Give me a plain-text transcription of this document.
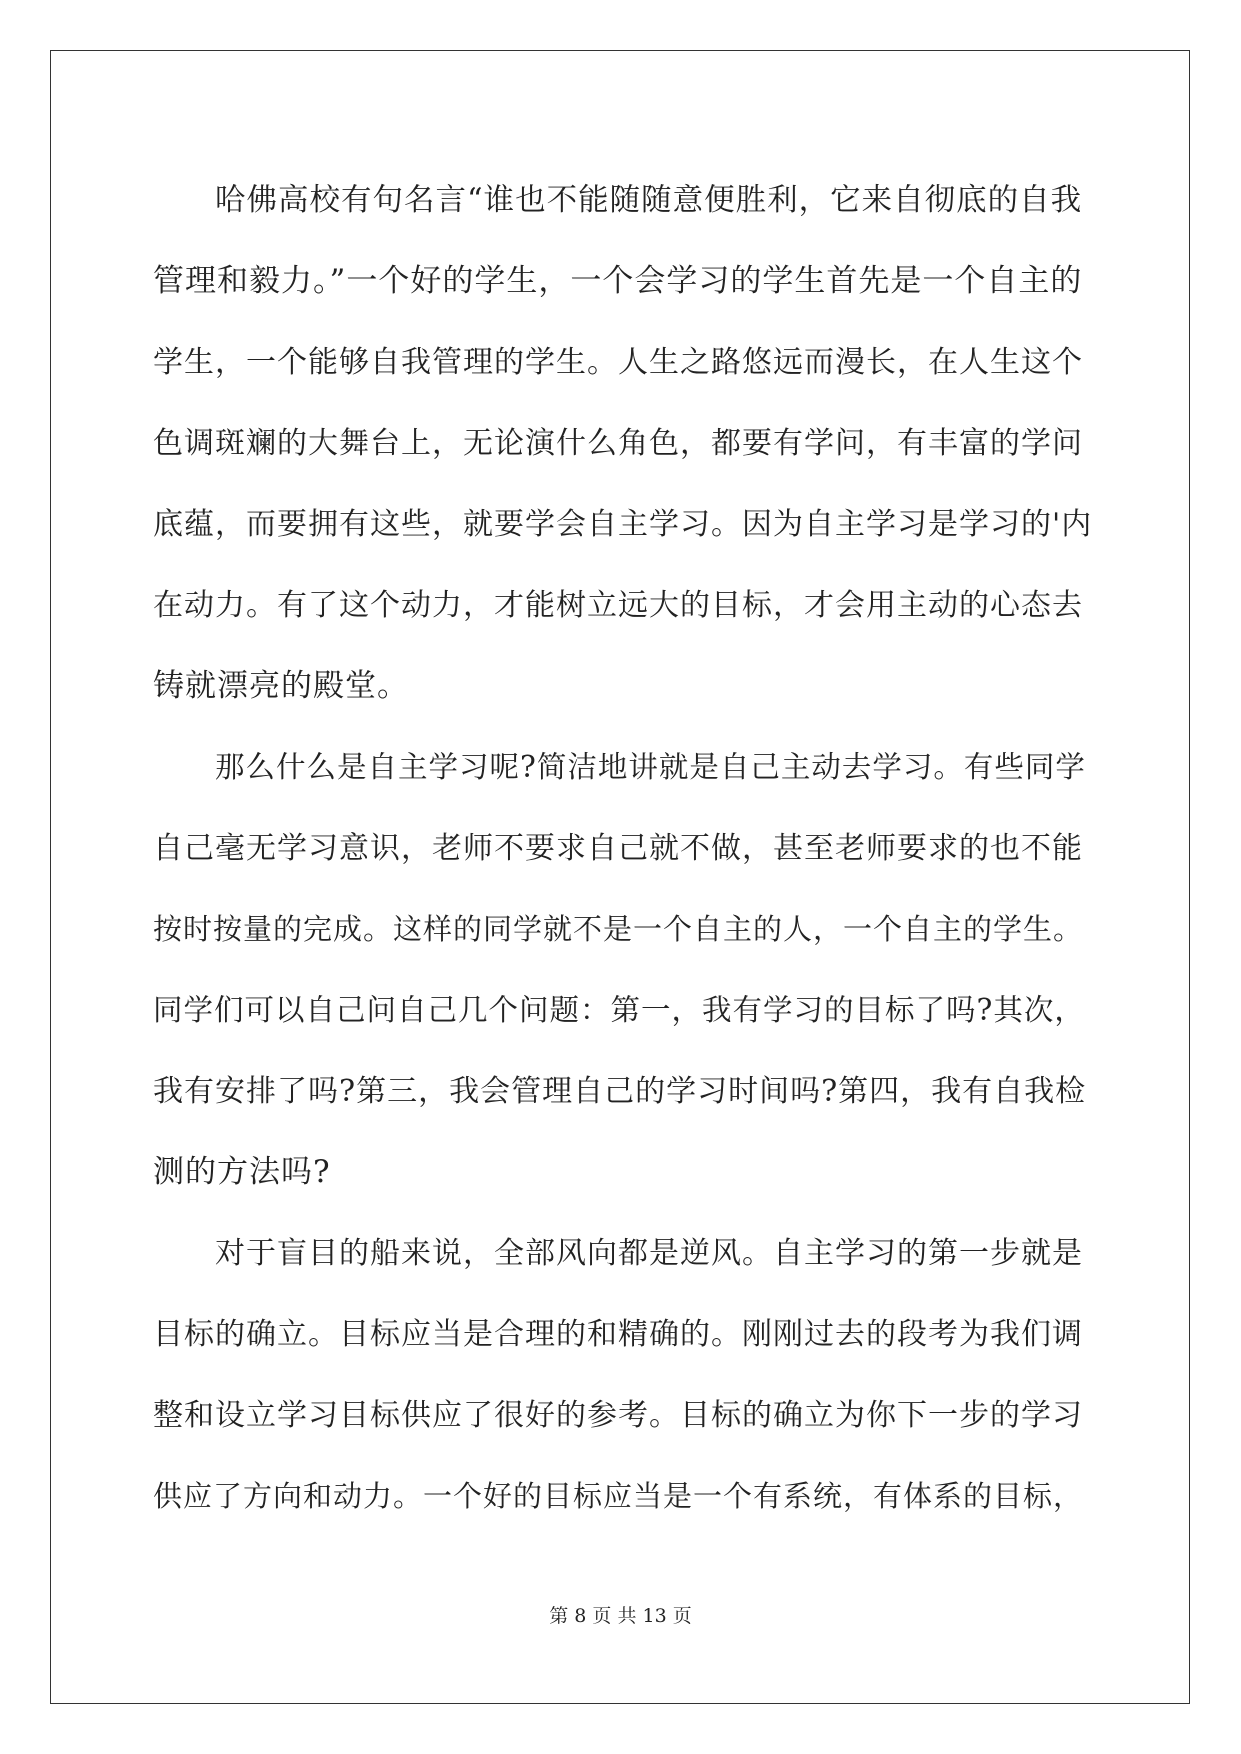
哈佛高校有句名言“谁也不能随随意便胜利，它来自彻底的自我
管理和毅力。”一个好的学生，一个会学习的学生首先是一个自主的
学生，一个能够自我管理的学生。人生之路悠远而漫长，在人生这个
色调斑斓的大舞台上，无论演什么角色，都要有学问，有丰富的学问
底蕴，而要拥有这些，就要学会自主学习。因为自主学习是学习的'内
在动力。有了这个动力，才能树立远大的目标，才会用主动的心态去
铸就漂亮的殿堂。
那么什么是自主学习呢?简洁地讲就是自己主动去学习。有些同学
自己毫无学习意识，老师不要求自己就不做，甚至老师要求的也不能
按时按量的完成。这样的同学就不是一个自主的人，一个自主的学生。
同学们可以自己问自己几个问题：第一，我有学习的目标了吗?其次，
我有安排了吗?第三，我会管理自己的学习时间吗?第四，我有自我检
测的方法吗?
对于盲目的船来说，全部风向都是逆风。自主学习的第一步就是
目标的确立。目标应当是合理的和精确的。刚刚过去的段考为我们调
整和设立学习目标供应了很好的参考。目标的确立为你下一步的学习
供应了方向和动力。一个好的目标应当是一个有系统，有体系的目标，
第 8 页 共 13 页
